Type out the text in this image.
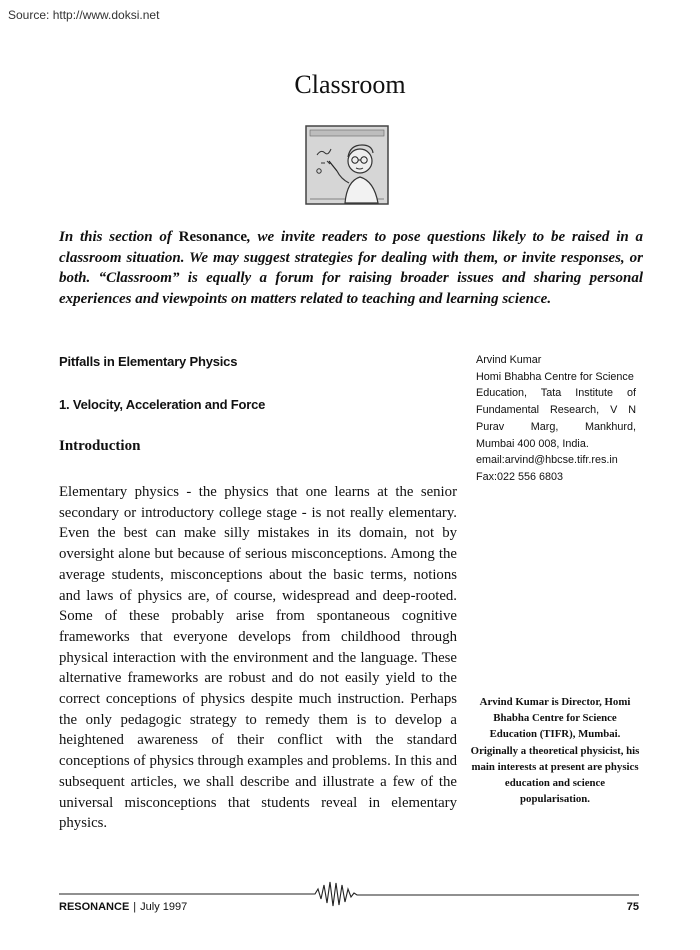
Source: http://www.doksi.net
Classroom
In this section of Resonance, we invite readers to pose questions likely to be raised in a classroom situation. We may suggest strategies for dealing with them, or invite responses, or both. “Classroom” is equally a forum for raising broader issues and sharing personal experiences and viewpoints on matters related to teaching and learning science.
Pitfalls in Elementary Physics
1. Velocity, Acceleration and Force
Introduction
Elementary physics - the physics that one learns at the senior secondary or introductory college stage - is not really elementary. Even the best can make silly mistakes in its domain, not by oversight alone but because of serious misconceptions. Among the average students, misconceptions about the basic terms, notions and laws of physics are, of course, widespread and deep-rooted. Some of these probably arise from spontaneous cognitive frameworks that everyone develops from childhood through physical interaction with the environment and the language. These alternative frameworks are robust and do not easily yield to the correct conceptions of physics despite much instruction. Perhaps the only pedagogic strategy to remedy them is to develop a heightened awareness of their conflict with the standard conceptions of physics through examples and problems. In this and subsequent articles, we shall describe and illustrate a few of the universal misconceptions that students reveal in elementary physics.
Arvind Kumar
Homi Bhabha Centre for Science
Education, Tata Institute of
Fundamental Research, V N
Purav Marg, Mankhurd,
Mumbai 400 008, India.
email:arvind@hbcse.tifr.res.in
Fax:022 556 6803
Arvind Kumar is Director, Homi Bhabha Centre for Science Education (TIFR), Mumbai. Originally a theoretical physicist, his main interests at present are physics education and science popularisation.
RESONANCE | July 1997	75
